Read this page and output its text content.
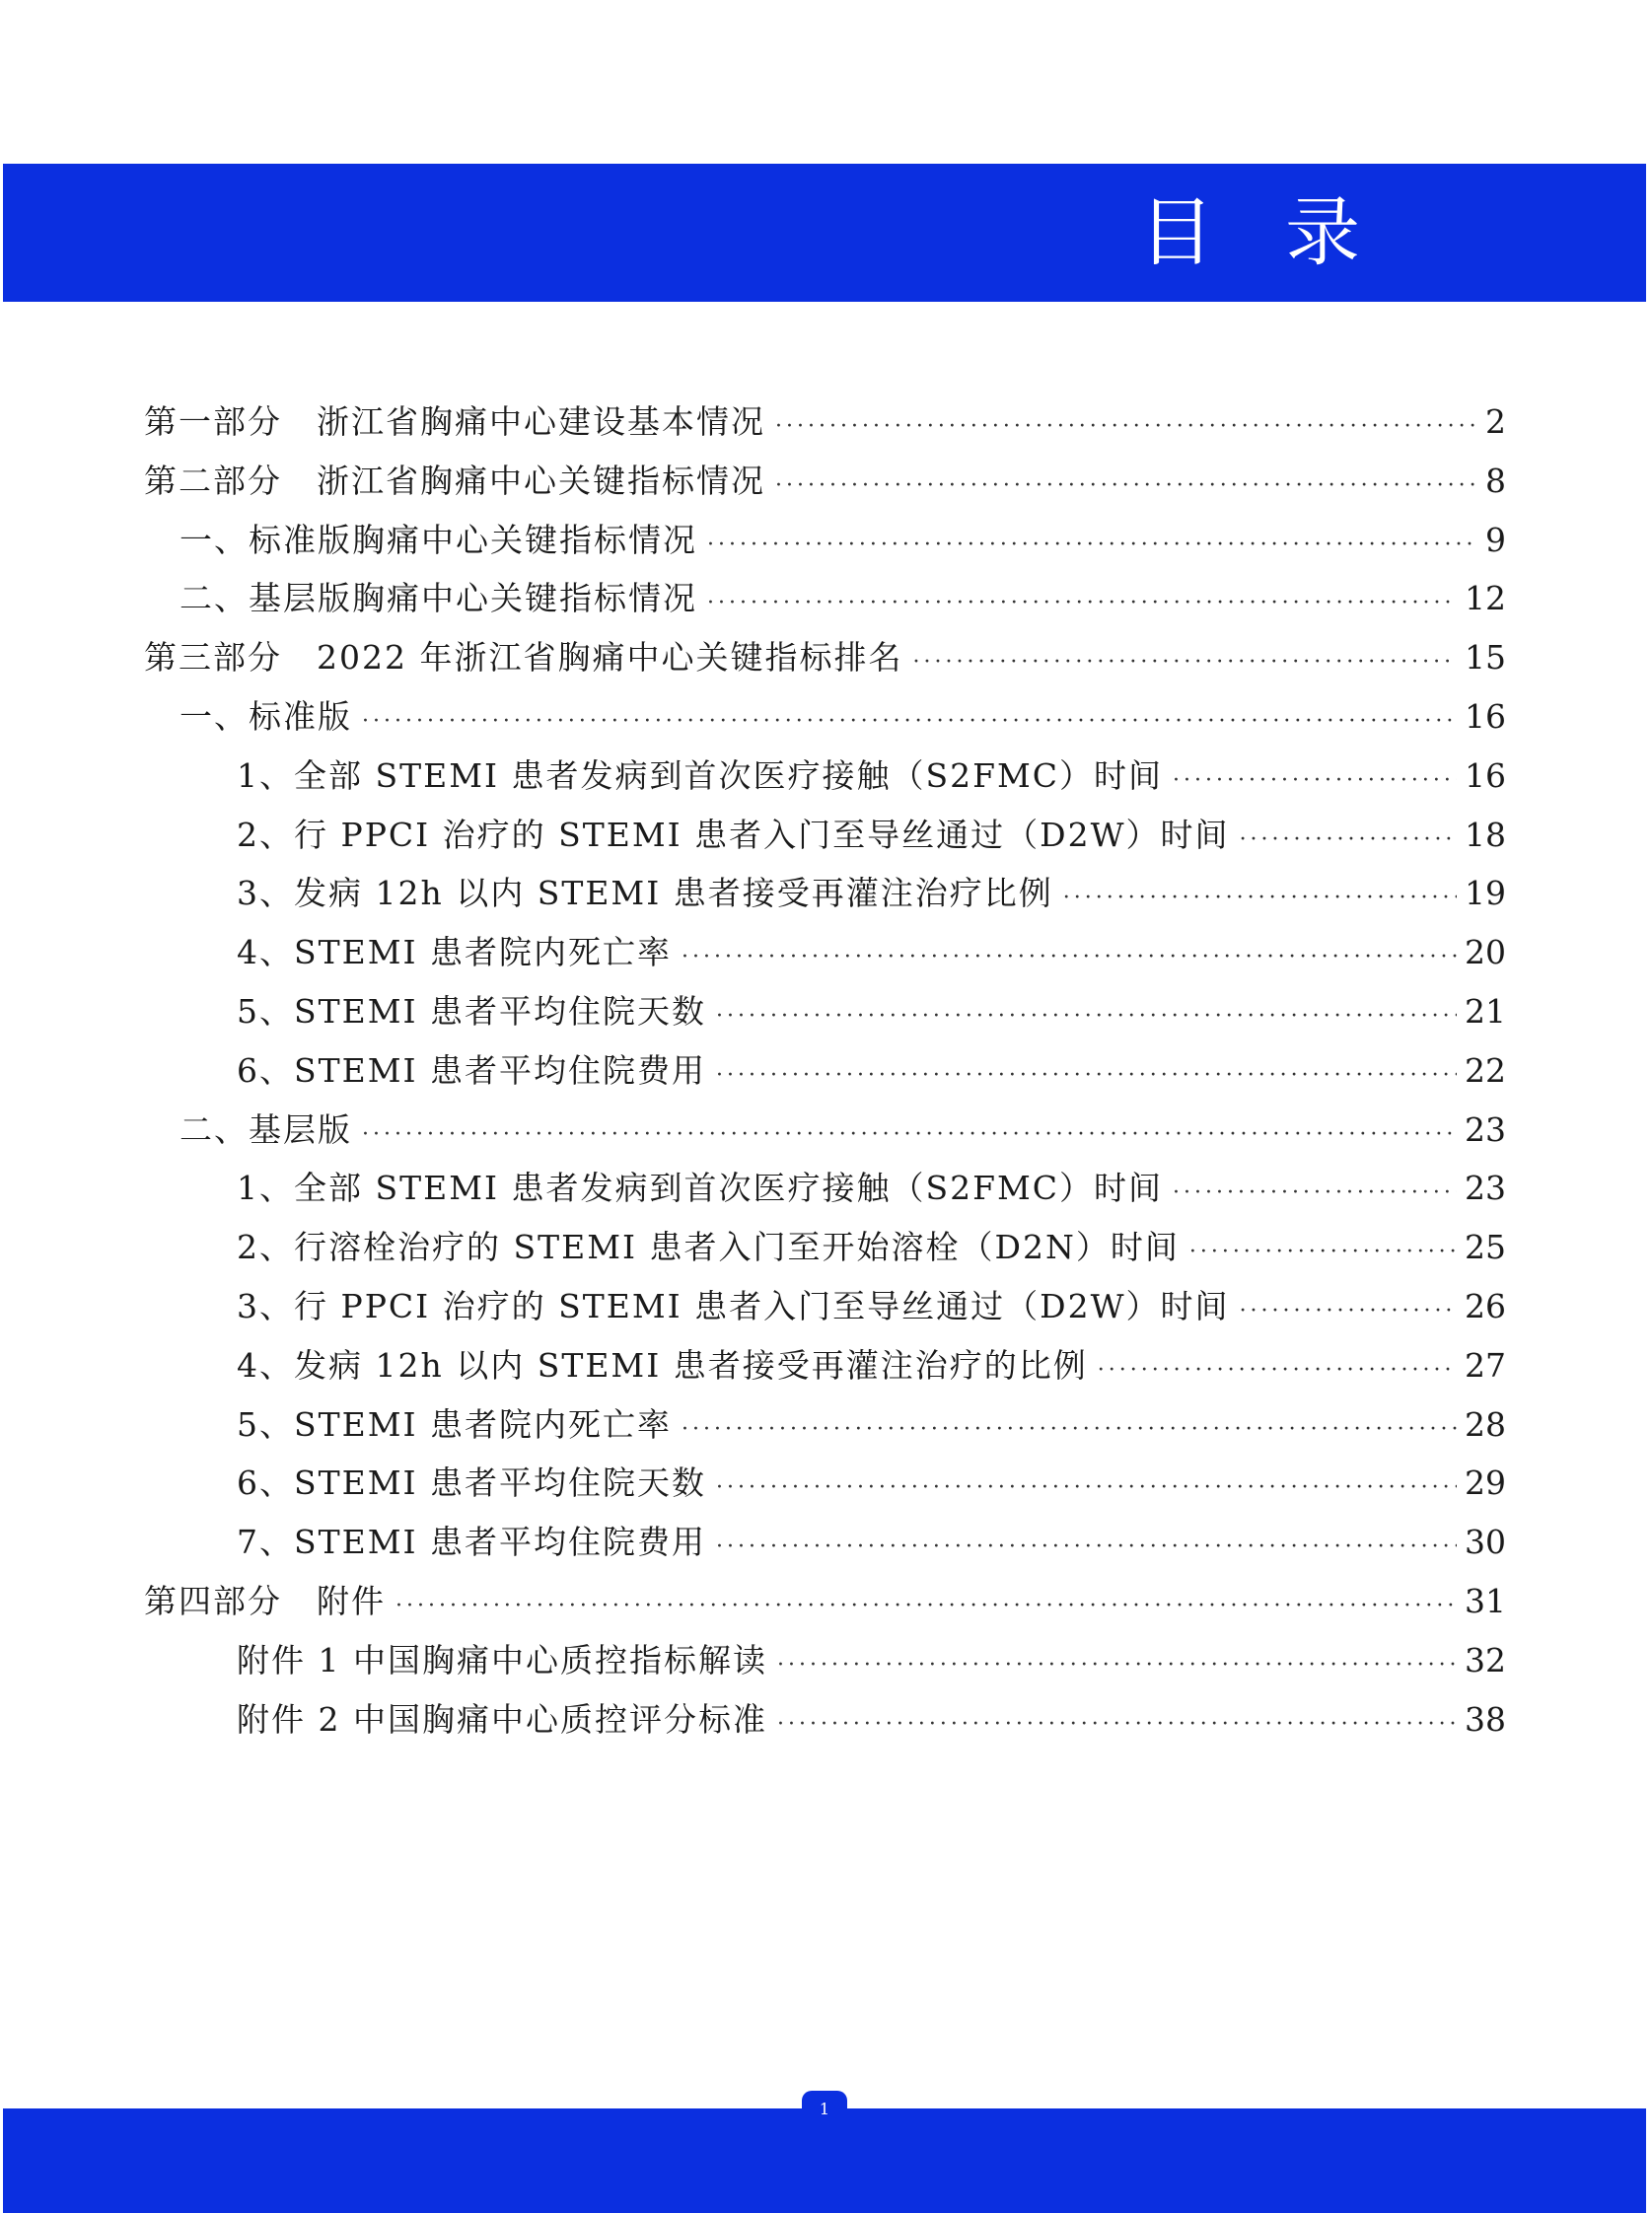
目录
第一部分　浙江省胸痛中心建设基本情况 ·····	2
第二部分　浙江省胸痛中心关键指标情况 ·····	8
一、标准版胸痛中心关键指标情况 ·····	9
二、基层版胸痛中心关键指标情况 ·····	12
第三部分　2022 年浙江省胸痛中心关键指标排名 ·····	15
一、标准版 ·····	16
1、全部 STEMI 患者发病到首次医疗接触（S2FMC）时间 ·····	16
2、行 PPCI 治疗的 STEMI 患者入门至导丝通过（D2W）时间 ·····	18
3、发病 12h 以内 STEMI 患者接受再灌注治疗比例 ·····	19
4、STEMI 患者院内死亡率 ·····	20
5、STEMI 患者平均住院天数 ·····	21
6、STEMI 患者平均住院费用 ·····	22
二、基层版 ·····	23
1、全部 STEMI 患者发病到首次医疗接触（S2FMC）时间 ·····	23
2、行溶栓治疗的 STEMI 患者入门至开始溶栓（D2N）时间 ·····	25
3、行 PPCI 治疗的 STEMI 患者入门至导丝通过（D2W）时间 ·····	26
4、发病 12h 以内 STEMI 患者接受再灌注治疗的比例 ·····	27
5、STEMI 患者院内死亡率 ·····	28
6、STEMI 患者平均住院天数 ·····	29
7、STEMI 患者平均住院费用 ·····	30
第四部分　附件 ·····	31
附件 1 中国胸痛中心质控指标解读 ·····	32
附件 2 中国胸痛中心质控评分标准 ·····	38
1
